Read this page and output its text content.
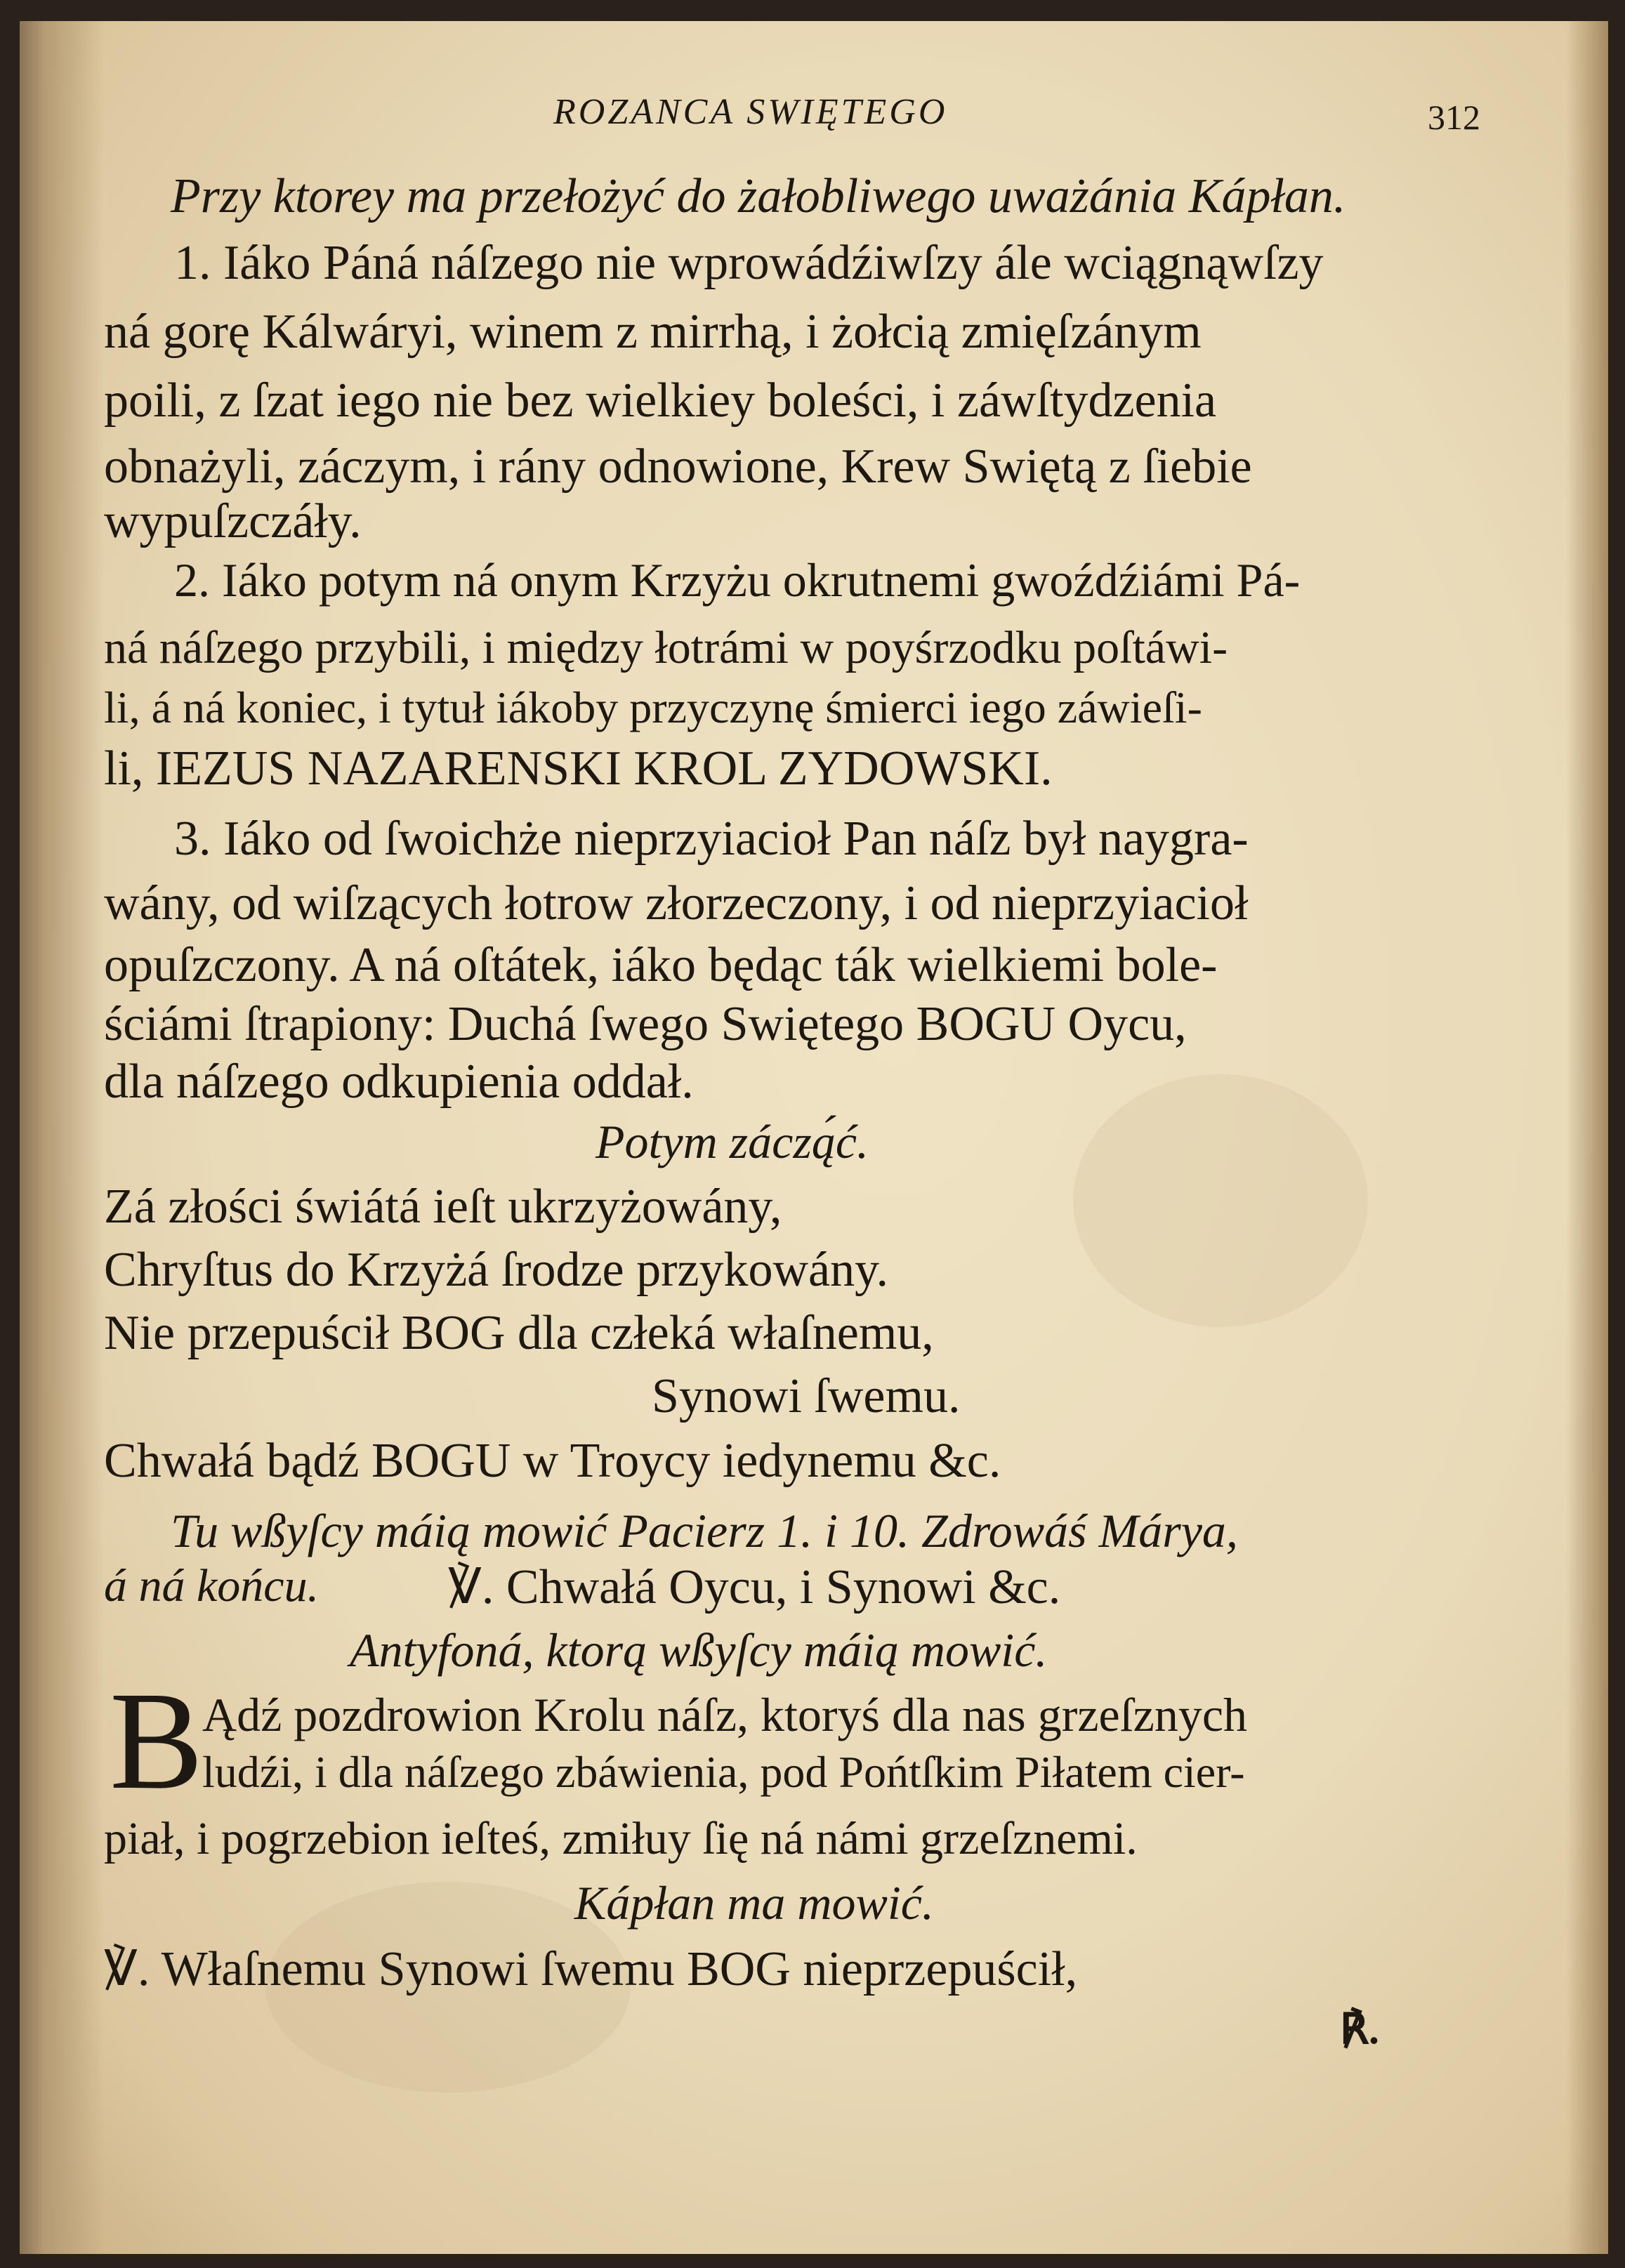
ROZANCA SWIĘTEGO	312
Przy ktorey ma przełożyć do żałobliwego uważánia Kápłan.
1. Iáko Páná náſzego nie wprowádźiwſzy ále wciągnąwſzy
ná gorę Kálwáryi, winem z mirrhą, i żołcią zmięſzánym
poili, z ſzat iego nie bez wielkiey boleści, i záwſtydzenia
obnażyli, záczym, i rány odnowione, Krew Swiętą z ſiebie
wypuſzczáły.
2. Iáko potym ná onym Krzyżu okrutnemi gwoźdźiámi Pá-
ná náſzego przybili, i między łotrámi w poyśrzodku poſtáwi-
li, á ná koniec, i tytuł iákoby przyczynę śmierci iego záwieſi-
li, IEZUS NAZARENSKI KROL ZYDOWSKI.
3. Iáko od ſwoichże nieprzyiacioł Pan náſz był naygra-
wány, od wiſzących łotrow złorzeczony, i od nieprzyiacioł
opuſzczony. A ná oſtátek, iáko będąc ták wielkiemi bole-
ściámi ſtrapiony: Duchá ſwego Swiętego BOGU Oycu,
dla náſzego odkupienia oddał.
Potym záczą́ć.
Zá złości świátá ieſt ukrzyżowány,
Chryſtus do Krzyżá ſrodze przykowány.
Nie przepuścił BOG dla człeká właſnemu,
Synowi ſwemu.
Chwałá bądź BOGU w Troycy iedynemu &c.
Tu wßyſcy máią mowić Pacierz 1. i 10. Zdrowáś Márya,
á ná końcu.	℣. Chwałá Oycu, i Synowi &c.
Antyfoná, ktorą wßyſcy máią mowić.
B
Ądź pozdrowion Krolu náſz, ktoryś dla nas grzeſznych
ludźi, i dla náſzego zbáwienia, pod Pońtſkim Piłatem cier-
piał, i pogrzebion ieſteś, zmiłuy ſię ná námi grzeſznemi.
Kápłan ma mowić.
℣. Właſnemu Synowi ſwemu BOG nieprzepuścił,
℟.
